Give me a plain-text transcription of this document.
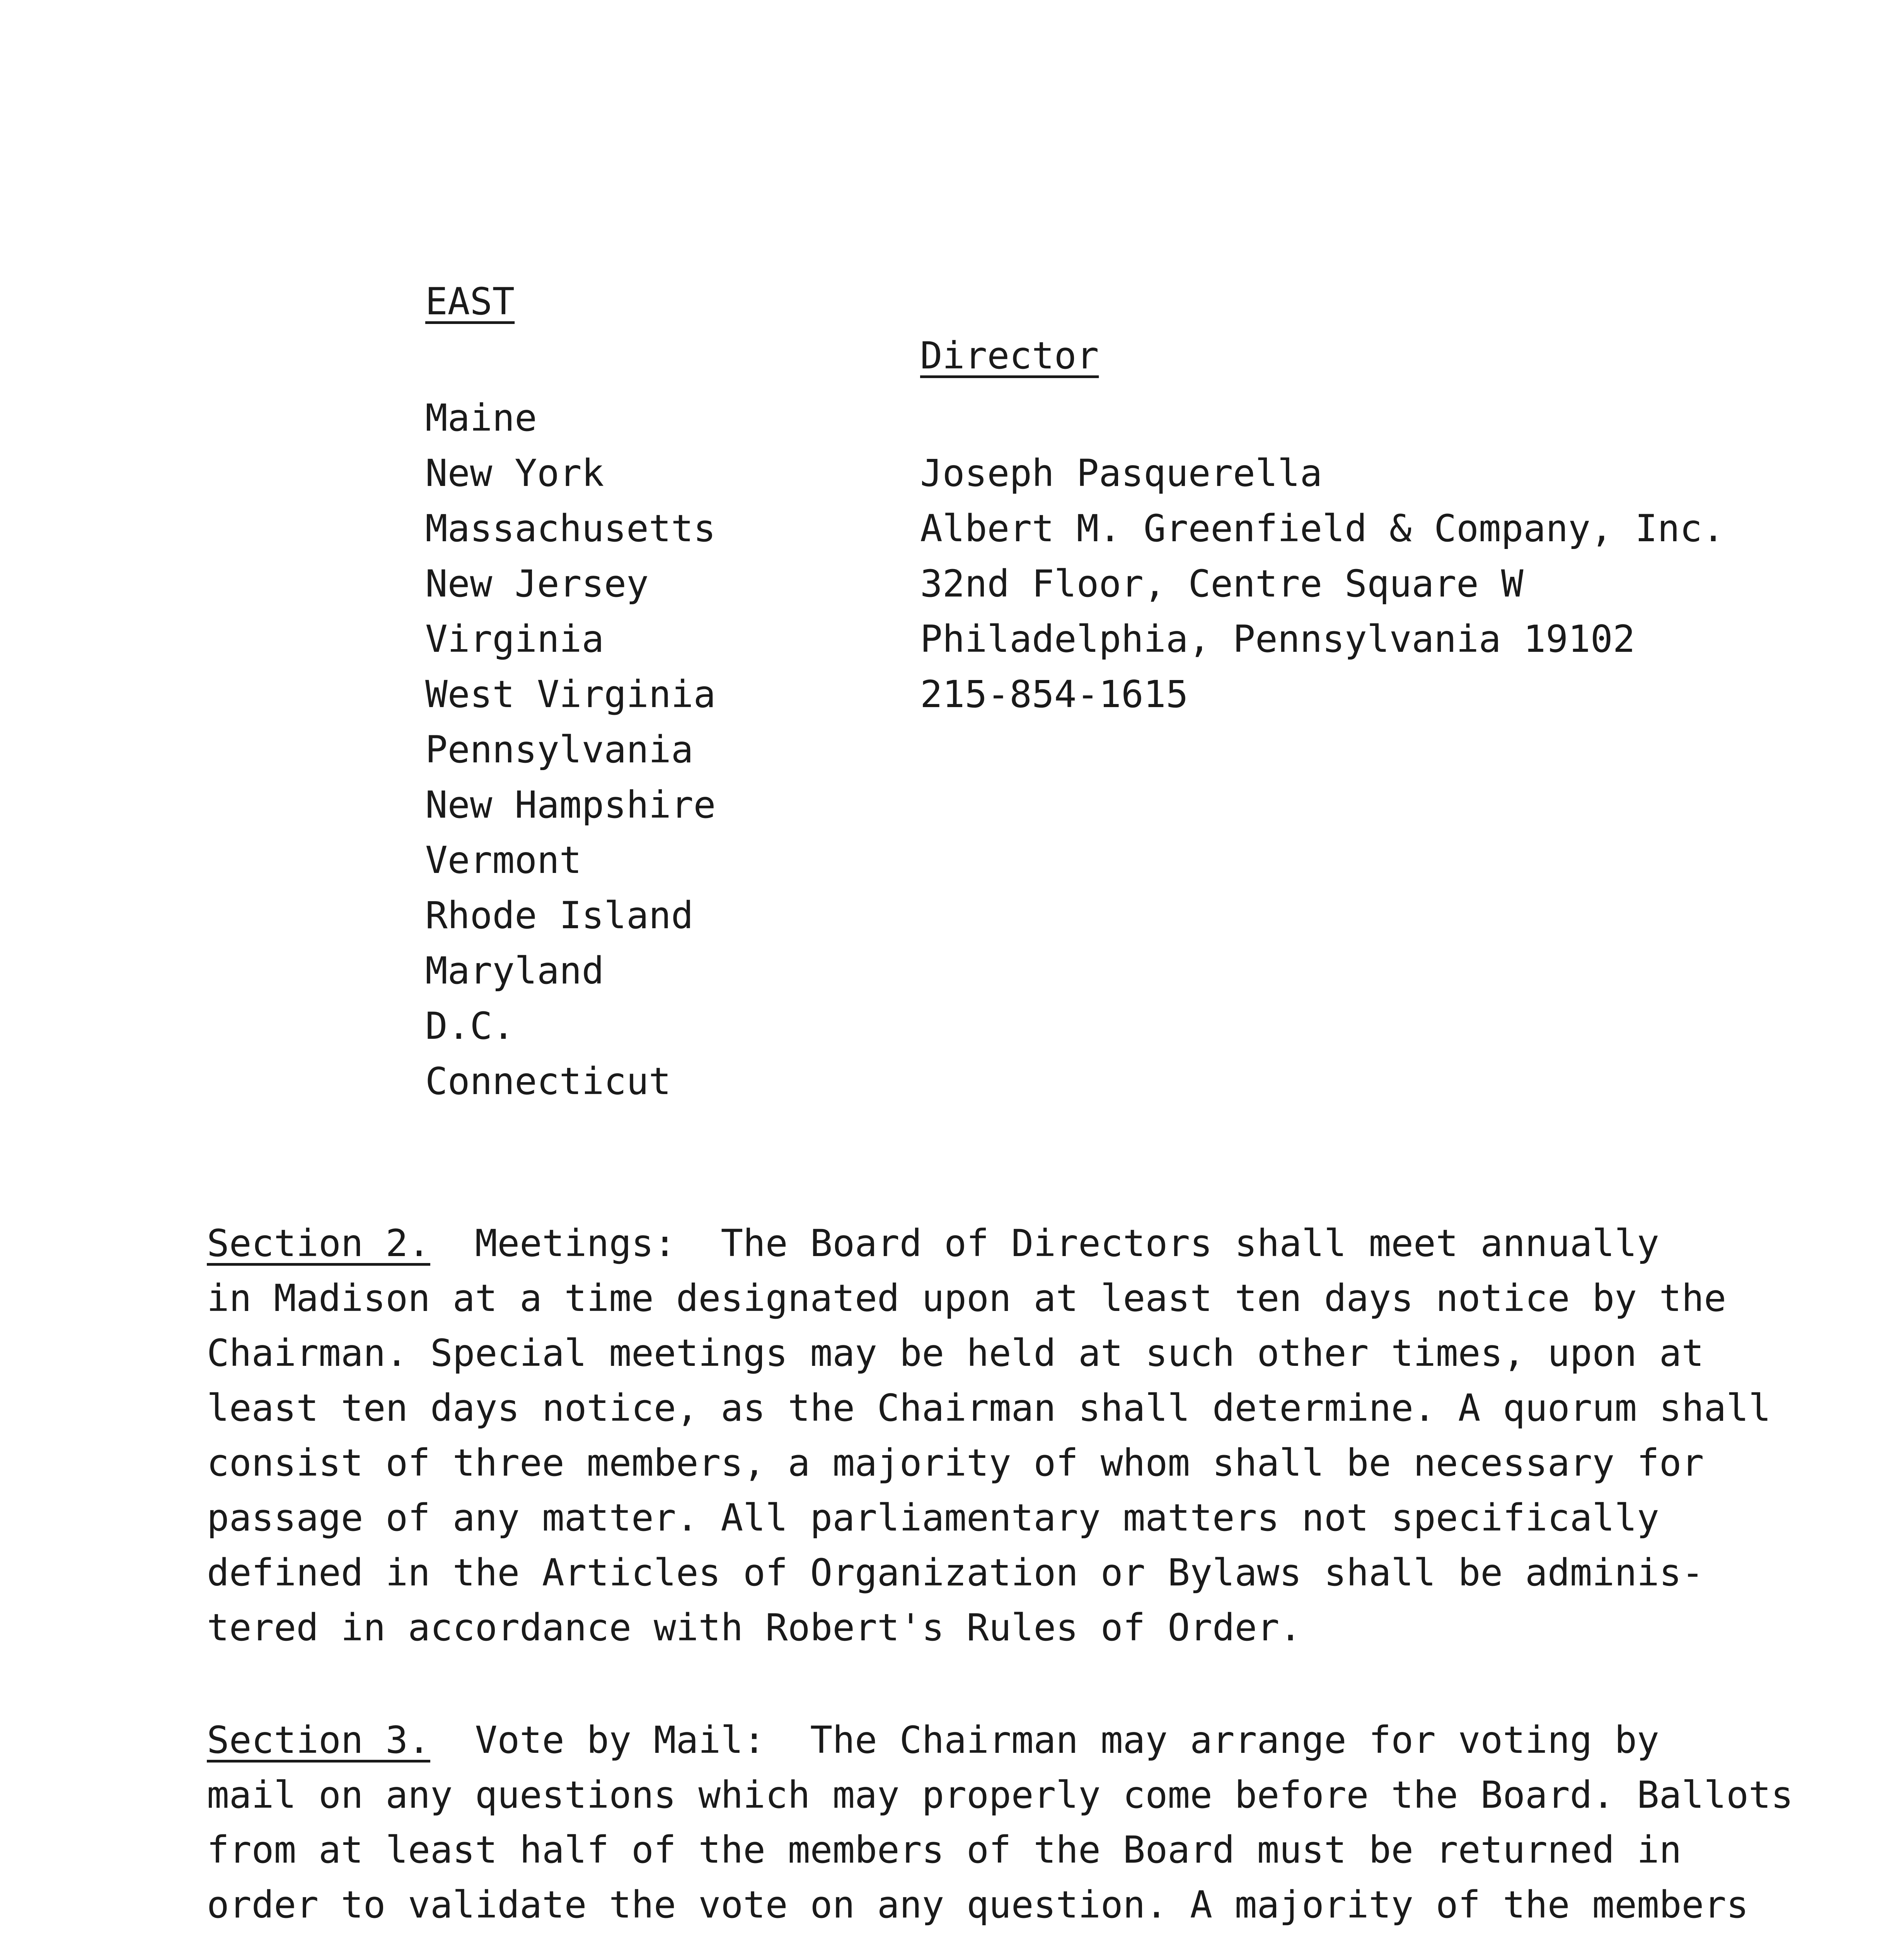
EAST
Maine
New York
Massachusetts
New Jersey
Virginia
West Virginia
Pennsylvania
New Hampshire
Vermont
Rhode Island
Maryland
D.C.
Connecticut
Director
Joseph Pasquerella
Albert M. Greenfield & Company, Inc.
32nd Floor, Centre Square W
Philadelphia, Pennsylvania 19102
215-854-1615

Section 2.  Meetings:  The Board of Directors shall meet annually
in Madison at a time designated upon at least ten days notice by the
Chairman. Special meetings may be held at such other times, upon at
least ten days notice, as the Chairman shall determine. A quorum shall
consist of three members, a majority of whom shall be necessary for
passage of any matter. All parliamentary matters not specifically
defined in the Articles of Organization or Bylaws shall be adminis-
tered in accordance with Robert's Rules of Order.

Section 3.  Vote by Mail:  The Chairman may arrange for voting by
mail on any questions which may properly come before the Board. Ballots
from at least half of the members of the Board must be returned in
order to validate the vote on any question. A majority of the members
